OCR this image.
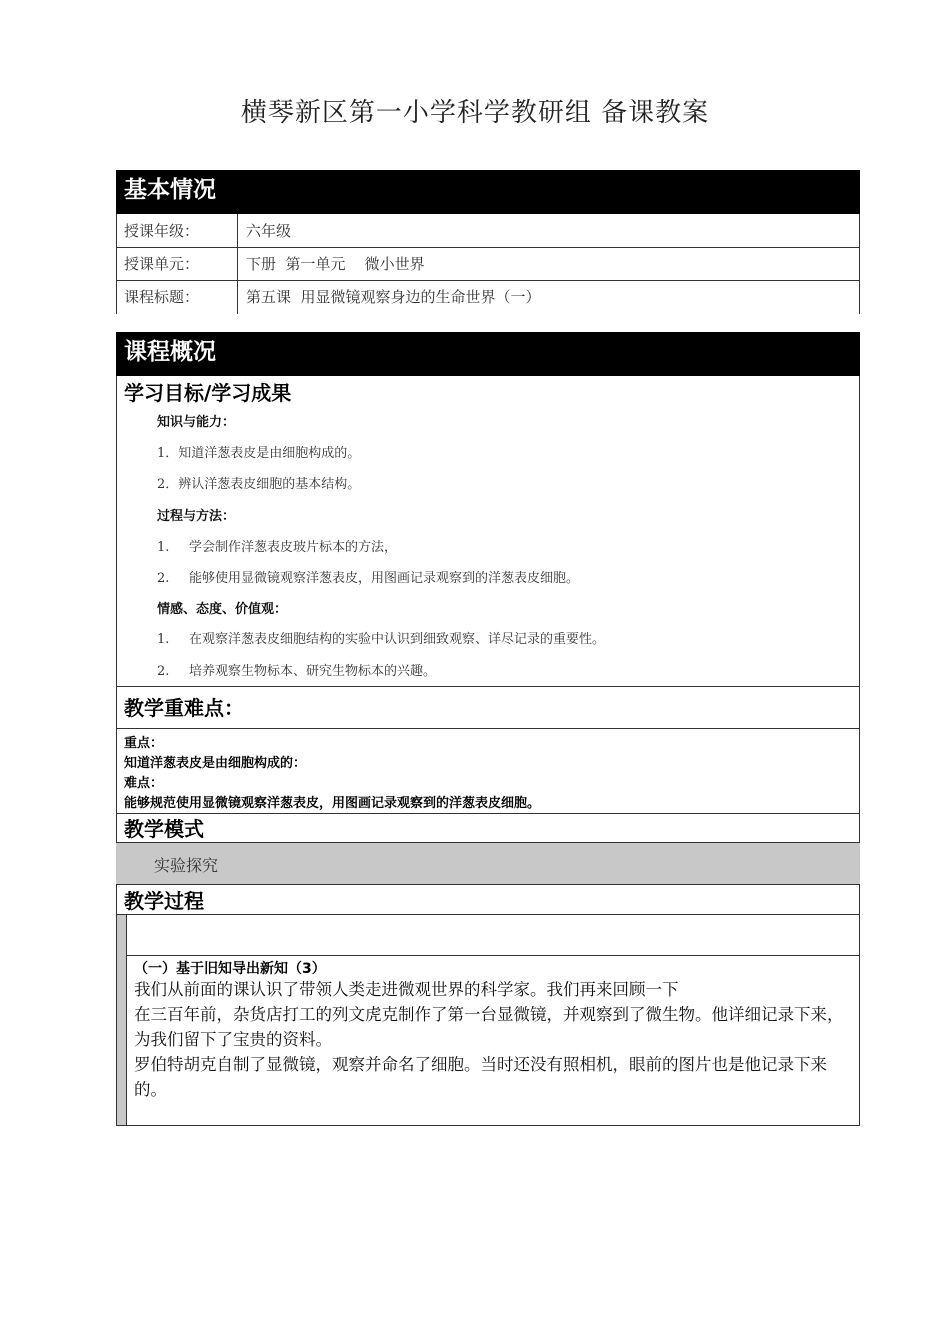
横琴新区第一小学科学教研组 备课教案
基本情况
授课年级：	六年级
授课单元：	下册  第一单元    微小世界
课程标题：	第五课  用显微镜观察身边的生命世界（一）
课程概况
学习目标/学习成果
知识与能力：
1．知道洋葱表皮是由细胞构成的。
2．辨认洋葱表皮细胞的基本结构。
过程与方法：
1. 学会制作洋葱表皮玻片标本的方法，
2. 能够使用显微镜观察洋葱表皮，用图画记录观察到的洋葱表皮细胞。
情感、态度、价值观：
1. 在观察洋葱表皮细胞结构的实验中认识到细致观察、详尽记录的重要性。
2. 培养观察生物标本、研究生物标本的兴趣。
教学重难点：
重点：
知道洋葱表皮是由细胞构成的：
难点：
能够规范使用显微镜观察洋葱表皮，用图画记录观察到的洋葱表皮细胞。
教学模式
实验探究
教学过程
（一）基于旧知导出新知（3）
我们从前面的课认识了带领人类走进微观世界的科学家。我们再来回顾一下
在三百年前，杂货店打工的列文虎克制作了第一台显微镜，并观察到了微生物。他详细记录下来，为我们留下了宝贵的资料。
罗伯特胡克自制了显微镜，观察并命名了细胞。当时还没有照相机，眼前的图片也是他记录下来的。
